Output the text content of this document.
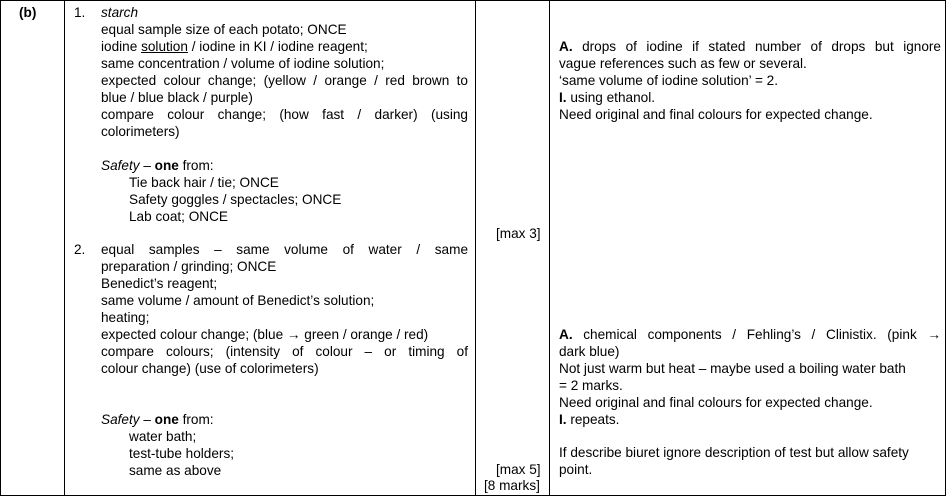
(b)	1. starch
equal sample size of each potato; ONCE
iodine solution / iodine in KI / iodine reagent;
same concentration / volume of iodine solution;
expected colour change; (yellow / orange / red brown to
blue / blue black / purple)
compare colour change; (how fast / darker) (using
colorimeters)
Safety – one from:
Tie back hair / tie; ONCE
Safety goggles / spectacles; ONCE
Lab coat; ONCE
[max 3]
A. drops of iodine if stated number of drops but ignore
vague references such as few or several.
‘same volume of iodine solution’ = 2.
I. using ethanol.
Need original and final colours for expected change.
2. equal samples – same volume of water / same
preparation / grinding; ONCE
Benedict’s reagent;
same volume / amount of Benedict’s solution;
heating;
expected colour change; (blue → green / orange / red)
compare colours; (intensity of colour – or timing of
colour change) (use of colorimeters)
Safety – one from:
water bath;
test-tube holders;
same as above	[max 5]
[8 marks]
A. chemical components / Fehling’s / Clinistix. (pink →
dark blue)
Not just warm but heat – maybe used a boiling water bath
= 2 marks.
Need original and final colours for expected change.
I. repeats.
If describe biuret ignore description of test but allow safety
point.
